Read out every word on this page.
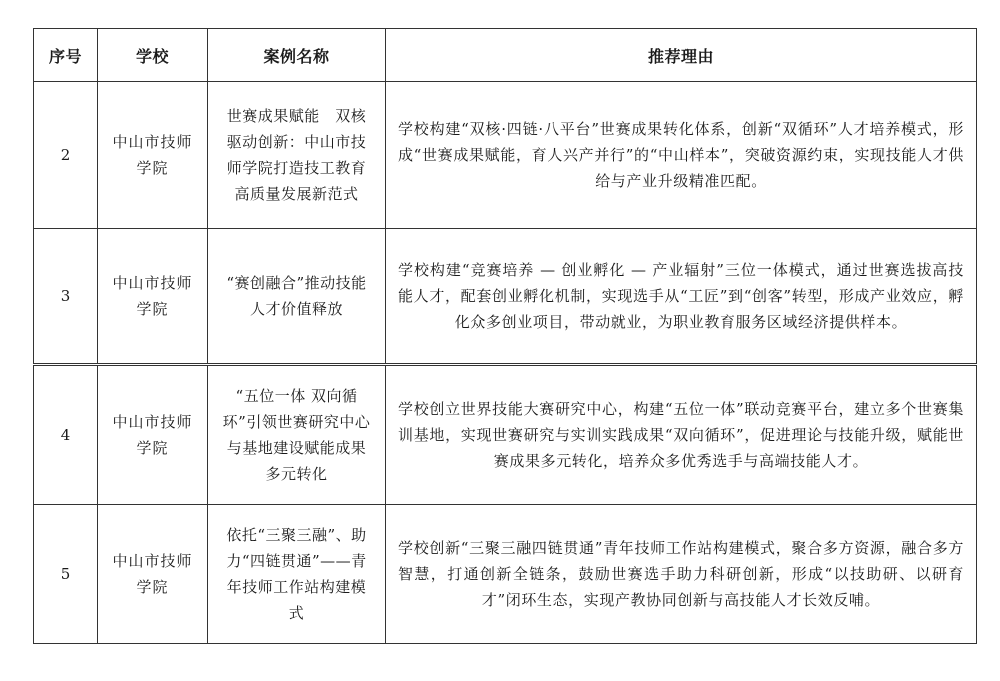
序号	学校	案例名称	推荐理由
2	中山市技师学院	世赛成果赋能　双核驱动创新：中山市技师学院打造技工教育高质量发展新范式	学校构建“双核·四链·八平台”世赛成果转化体系，创新“双循环”人才培养模式，形成“世赛成果赋能，育人兴产并行”的“中山样本”，突破资源约束，实现技能人才供给与产业升级精准匹配。
3	中山市技师学院	“赛创融合”推动技能人才价值释放	学校构建“竞赛培养 — 创业孵化 — 产业辐射”三位一体模式，通过世赛选拔高技能人才，配套创业孵化机制，实现选手从“工匠”到“创客”转型，形成产业效应，孵化众多创业项目，带动就业，为职业教育服务区域经济提供样本。
4	中山市技师学院	“五位一体 双向循环”引领世赛研究中心与基地建设赋能成果多元转化	学校创立世界技能大赛研究中心，构建“五位一体”联动竞赛平台，建立多个世赛集训基地，实现世赛研究与实训实践成果“双向循环”，促进理论与技能升级，赋能世赛成果多元转化，培养众多优秀选手与高端技能人才。
5	中山市技师学院	依托“三聚三融”、助力“四链贯通”——青年技师工作站构建模式	学校创新“三聚三融四链贯通”青年技师工作站构建模式，聚合多方资源，融合多方智慧，打通创新全链条，鼓励世赛选手助力科研创新，形成“以技助研、以研育才”闭环生态，实现产教协同创新与高技能人才长效反哺。
